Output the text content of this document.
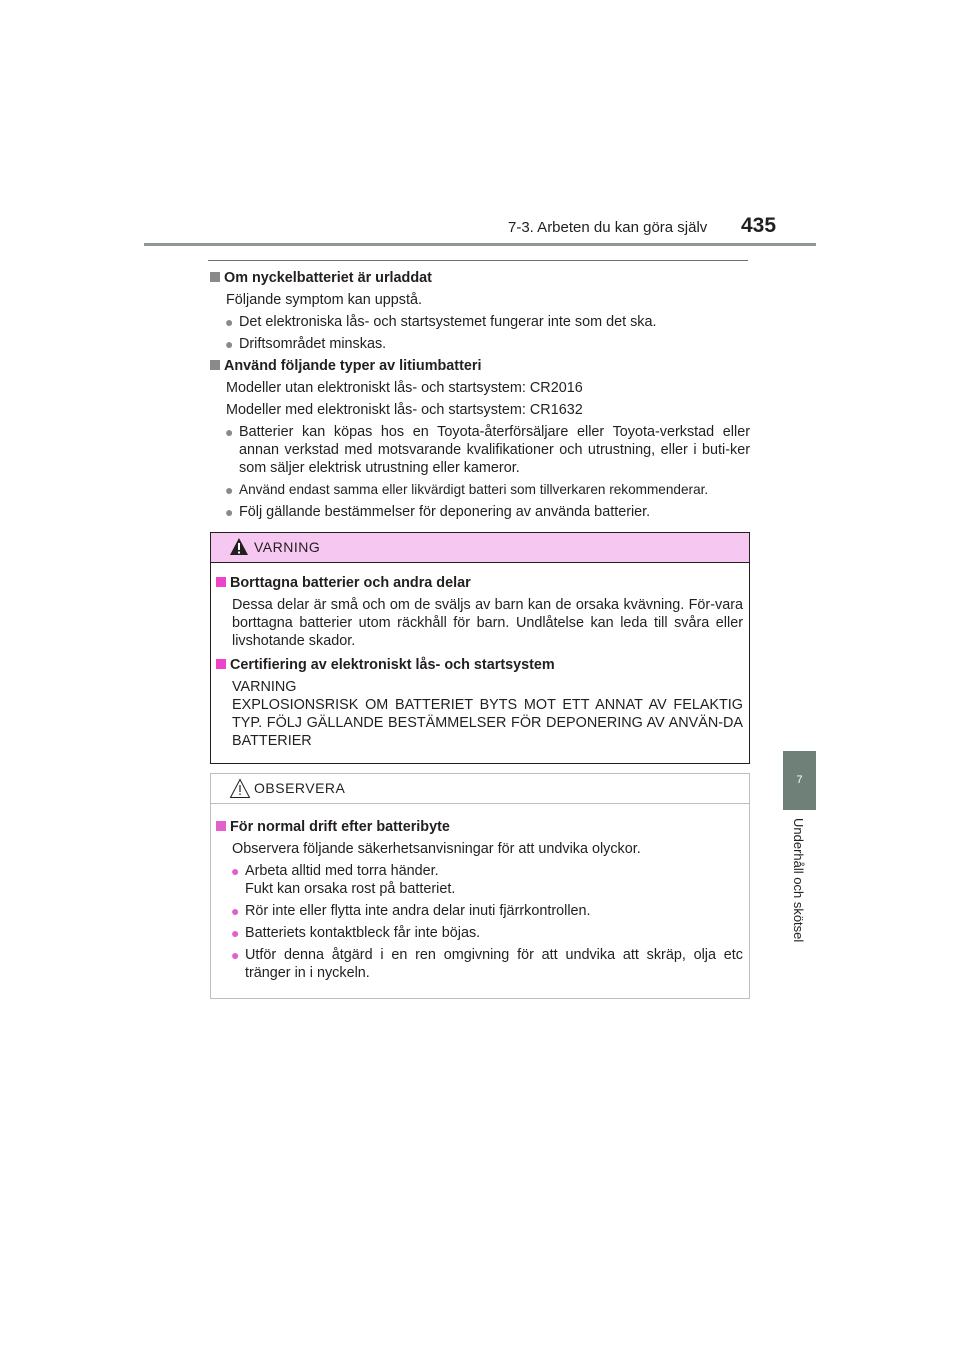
7-3. Arbeten du kan göra själv 435
7
Underhåll och skötsel
Om nyckelbatteriet är urladdat
Följande symptom kan uppstå.
● Det elektroniska lås- och startsystemet fungerar inte som det ska.
● Driftsområdet minskas.
Använd följande typer av litiumbatteri
Modeller utan elektroniskt lås- och startsystem: CR2016
Modeller med elektroniskt lås- och startsystem: CR1632
● Batterier kan köpas hos en Toyota-återförsäljare eller Toyota-verkstad eller annan verkstad med motsvarande kvalifikationer och utrustning, eller i buti-ker som säljer elektrisk utrustning eller kameror.
● Använd endast samma eller likvärdigt batteri som tillverkaren rekommenderar.
● Följ gällande bestämmelser för deponering av använda batterier.
VARNING
Borttagna batterier och andra delar
Dessa delar är små och om de sväljs av barn kan de orsaka kvävning. För-vara borttagna batterier utom räckhåll för barn. Undlåtelse kan leda till svåra eller livshotande skador.
Certifiering av elektroniskt lås- och startsystem
VARNING
EXPLOSIONSRISK OM BATTERIET BYTS MOT ETT ANNAT AV FELAKTIG TYP. FÖLJ GÄLLANDE BESTÄMMELSER FÖR DEPONERING AV ANVÄN-DA BATTERIER
OBSERVERA
För normal drift efter batteribyte
Observera följande säkerhetsanvisningar för att undvika olyckor.
● Arbeta alltid med torra händer.
Fukt kan orsaka rost på batteriet.
● Rör inte eller flytta inte andra delar inuti fjärrkontrollen.
● Batteriets kontaktbleck får inte böjas.
● Utför denna åtgärd i en ren omgivning för att undvika att skräp, olja etc tränger in i nyckeln.
